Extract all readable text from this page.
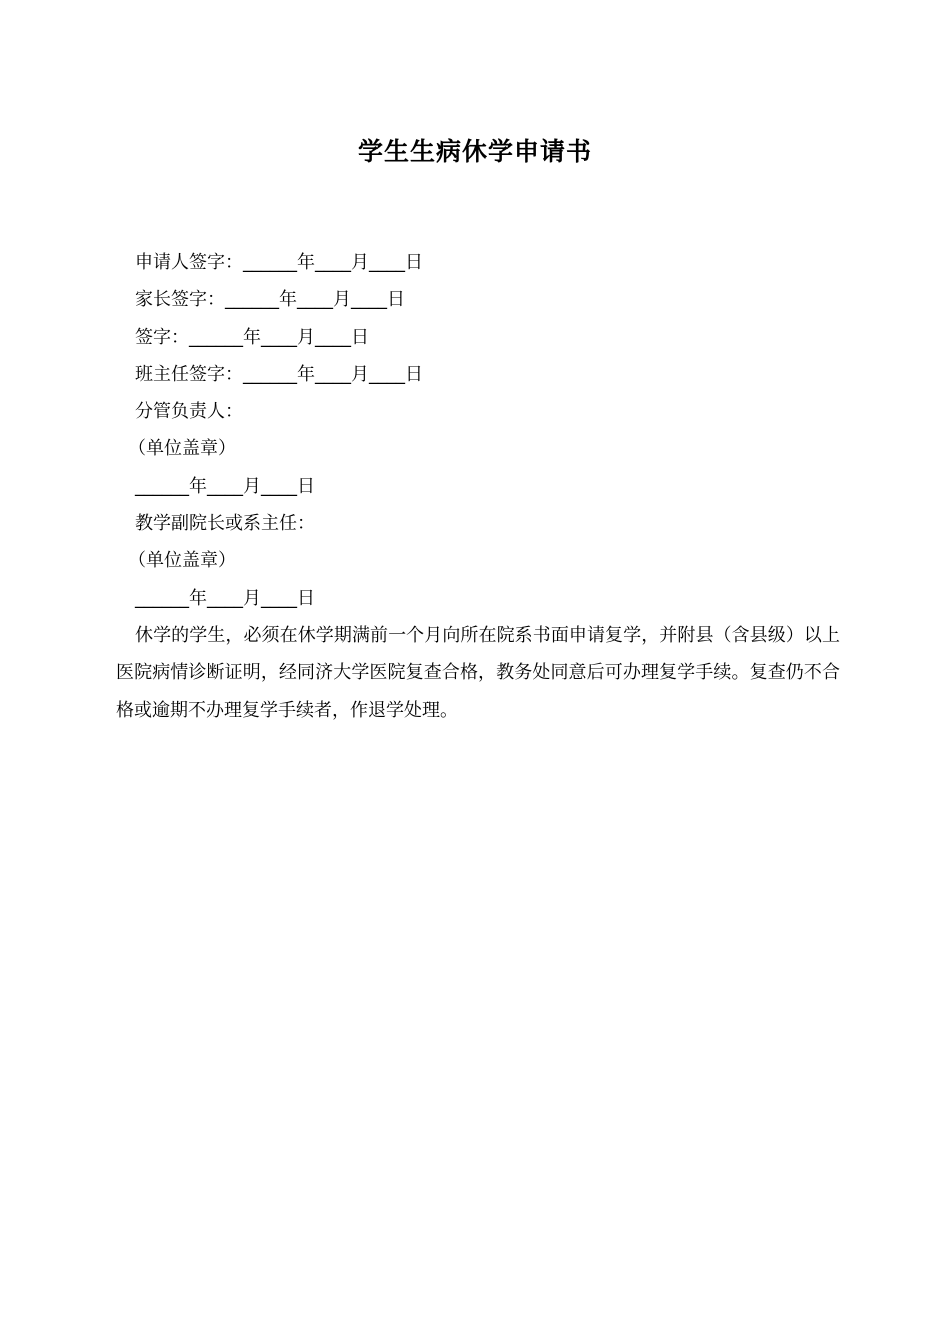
学生生病休学申请书
申请人签字：______年____月____日
家长签字：______年____月____日
签字：______年____月____日
班主任签字：______年____月____日
分管负责人：
（单位盖章）
______年____月____日
教学副院长或系主任：
（单位盖章）
______年____月____日
休学的学生，必须在休学期满前一个月向所在院系书面申请复学，并附县（含县级）以上医院病情诊断证明，经同济大学医院复查合格，教务处同意后可办理复学手续。复查仍不合格或逾期不办理复学手续者，作退学处理。
